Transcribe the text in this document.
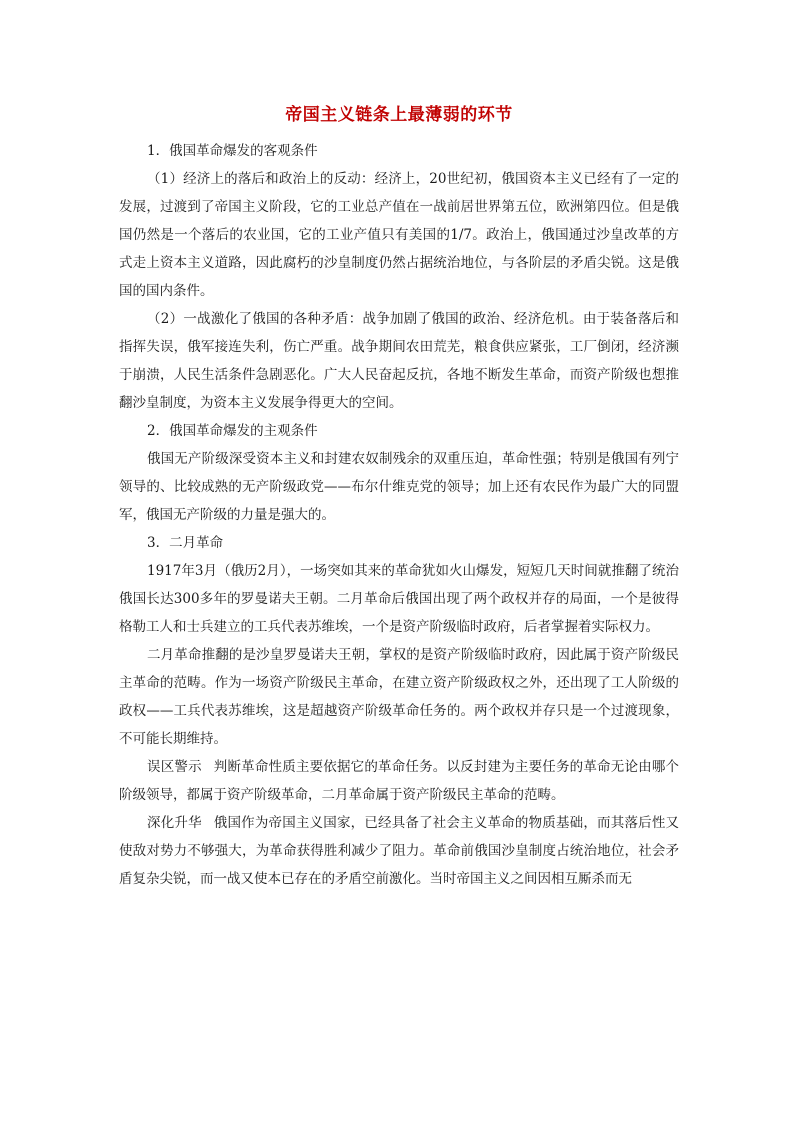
帝国主义链条上最薄弱的环节

1．俄国革命爆发的客观条件

（1）经济上的落后和政治上的反动：经济上，20世纪初，俄国资本主义已经有了一定的发展，过渡到了帝国主义阶段，它的工业总产值在一战前居世界第五位，欧洲第四位。但是俄国仍然是一个落后的农业国，它的工业产值只有美国的1/7。政治上，俄国通过沙皇改革的方式走上资本主义道路，因此腐朽的沙皇制度仍然占据统治地位，与各阶层的矛盾尖锐。这是俄国的国内条件。

（2）一战激化了俄国的各种矛盾：战争加剧了俄国的政治、经济危机。由于装备落后和指挥失误，俄军接连失利，伤亡严重。战争期间农田荒芜，粮食供应紧张，工厂倒闭，经济濒于崩溃，人民生活条件急剧恶化。广大人民奋起反抗，各地不断发生革命，而资产阶级也想推翻沙皇制度，为资本主义发展争得更大的空间。

2．俄国革命爆发的主观条件

俄国无产阶级深受资本主义和封建农奴制残余的双重压迫，革命性强；特别是俄国有列宁领导的、比较成熟的无产阶级政党——布尔什维克党的领导；加上还有农民作为最广大的同盟军，俄国无产阶级的力量是强大的。

3．二月革命

1917年3月（俄历2月），一场突如其来的革命犹如火山爆发，短短几天时间就推翻了统治俄国长达300多年的罗曼诺夫王朝。二月革命后俄国出现了两个政权并存的局面，一个是彼得格勒工人和士兵建立的工兵代表苏维埃，一个是资产阶级临时政府，后者掌握着实际权力。

二月革命推翻的是沙皇罗曼诺夫王朝，掌权的是资产阶级临时政府，因此属于资产阶级民主革命的范畴。作为一场资产阶级民主革命，在建立资产阶级政权之外，还出现了工人阶级的政权——工兵代表苏维埃，这是超越资产阶级革命任务的。两个政权并存只是一个过渡现象，不可能长期维持。

误区警示 判断革命性质主要依据它的革命任务。以反封建为主要任务的革命无论由哪个阶级领导，都属于资产阶级革命，二月革命属于资产阶级民主革命的范畴。

深化升华 俄国作为帝国主义国家，已经具备了社会主义革命的物质基础，而其落后性又使敌对势力不够强大，为革命获得胜利减少了阻力。革命前俄国沙皇制度占统治地位，社会矛盾复杂尖锐，而一战又使本已存在的矛盾空前激化。当时帝国主义之间因相互厮杀而无
